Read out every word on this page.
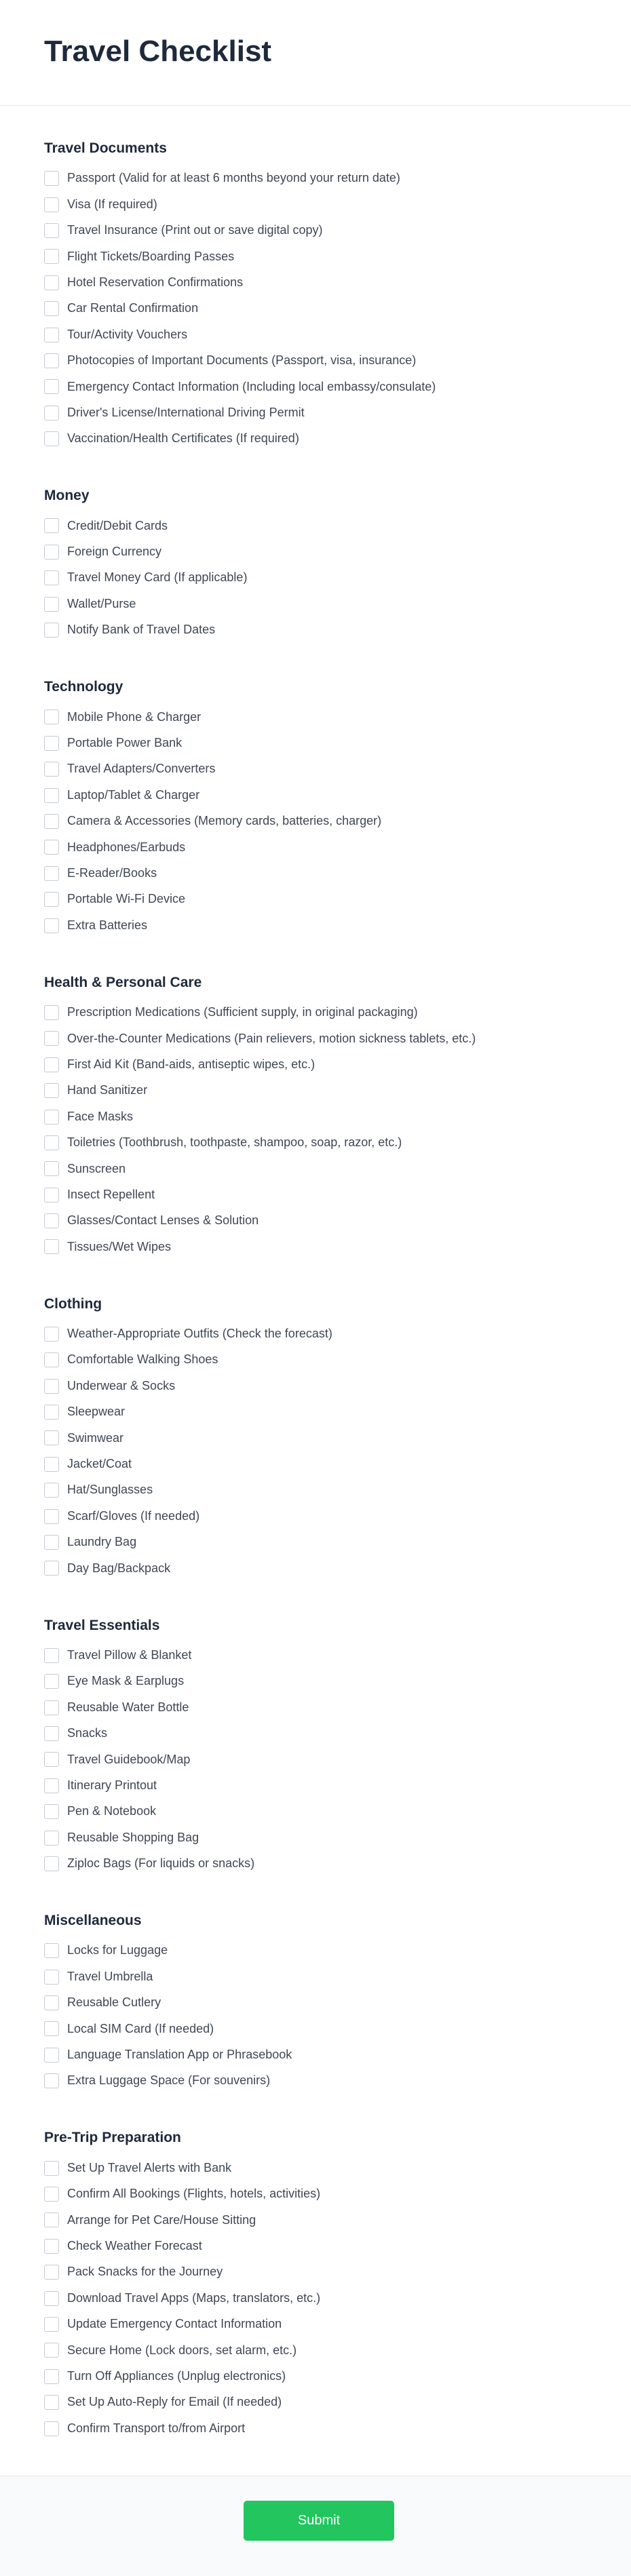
Travel Checklist
Travel Documents
Passport (Valid for at least 6 months beyond your return date)
Visa (If required)
Travel Insurance (Print out or save digital copy)
Flight Tickets/Boarding Passes
Hotel Reservation Confirmations
Car Rental Confirmation
Tour/Activity Vouchers
Photocopies of Important Documents (Passport, visa, insurance)
Emergency Contact Information (Including local embassy/consulate)
Driver's License/International Driving Permit
Vaccination/Health Certificates (If required)
Money
Credit/Debit Cards
Foreign Currency
Travel Money Card (If applicable)
Wallet/Purse
Notify Bank of Travel Dates
Technology
Mobile Phone & Charger
Portable Power Bank
Travel Adapters/Converters
Laptop/Tablet & Charger
Camera & Accessories (Memory cards, batteries, charger)
Headphones/Earbuds
E-Reader/Books
Portable Wi-Fi Device
Extra Batteries
Health & Personal Care
Prescription Medications (Sufficient supply, in original packaging)
Over-the-Counter Medications (Pain relievers, motion sickness tablets, etc.)
First Aid Kit (Band-aids, antiseptic wipes, etc.)
Hand Sanitizer
Face Masks
Toiletries (Toothbrush, toothpaste, shampoo, soap, razor, etc.)
Sunscreen
Insect Repellent
Glasses/Contact Lenses & Solution
Tissues/Wet Wipes
Clothing
Weather-Appropriate Outfits (Check the forecast)
Comfortable Walking Shoes
Underwear & Socks
Sleepwear
Swimwear
Jacket/Coat
Hat/Sunglasses
Scarf/Gloves (If needed)
Laundry Bag
Day Bag/Backpack
Travel Essentials
Travel Pillow & Blanket
Eye Mask & Earplugs
Reusable Water Bottle
Snacks
Travel Guidebook/Map
Itinerary Printout
Pen & Notebook
Reusable Shopping Bag
Ziploc Bags (For liquids or snacks)
Miscellaneous
Locks for Luggage
Travel Umbrella
Reusable Cutlery
Local SIM Card (If needed)
Language Translation App or Phrasebook
Extra Luggage Space (For souvenirs)
Pre-Trip Preparation
Set Up Travel Alerts with Bank
Confirm All Bookings (Flights, hotels, activities)
Arrange for Pet Care/House Sitting
Check Weather Forecast
Pack Snacks for the Journey
Download Travel Apps (Maps, translators, etc.)
Update Emergency Contact Information
Secure Home (Lock doors, set alarm, etc.)
Turn Off Appliances (Unplug electronics)
Set Up Auto-Reply for Email (If needed)
Confirm Transport to/from Airport
Submit
